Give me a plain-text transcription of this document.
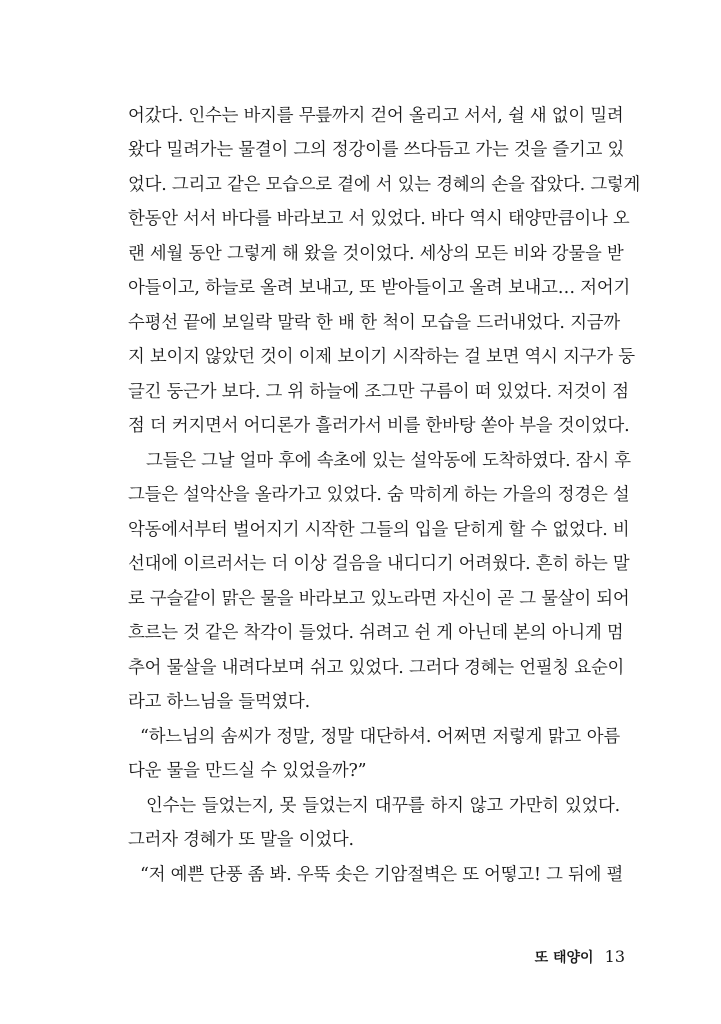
어갔다. 인수는 바지를 무릎까지 걷어 올리고 서서, 쉴 새 없이 밀려
왔다 밀려가는 물결이 그의 정강이를 쓰다듬고 가는 것을 즐기고 있
었다. 그리고 같은 모습으로 곁에 서 있는 경혜의 손을 잡았다. 그렇게
한동안 서서 바다를 바라보고 서 있었다. 바다 역시 태양만큼이나 오
랜 세월 동안 그렇게 해 왔을 것이었다. 세상의 모든 비와 강물을 받
아들이고, 하늘로 올려 보내고, 또 받아들이고 올려 보내고… 저어기
수평선 끝에 보일락 말락 한 배 한 척이 모습을 드러내었다. 지금까
지 보이지 않았던 것이 이제 보이기 시작하는 걸 보면 역시 지구가 둥
글긴 둥근가 보다. 그 위 하늘에 조그만 구름이 떠 있었다. 저것이 점
점 더 커지면서 어디론가 흘러가서 비를 한바탕 쏟아 부을 것이었다.
그들은 그날 얼마 후에 속초에 있는 설악동에 도착하였다. 잠시 후
그들은 설악산을 올라가고 있었다. 숨 막히게 하는 가을의 정경은 설
악동에서부터 벌어지기 시작한 그들의 입을 닫히게 할 수 없었다. 비
선대에 이르러서는 더 이상 걸음을 내디디기 어려웠다. 흔히 하는 말
로 구슬같이 맑은 물을 바라보고 있노라면 자신이 곧 그 물살이 되어
흐르는 것 같은 착각이 들었다. 쉬려고 쉰 게 아닌데 본의 아니게 멈
추어 물살을 내려다보며 쉬고 있었다. 그러다 경혜는 언필칭 요순이
라고 하느님을 들먹였다.
“하느님의 솜씨가 정말, 정말 대단하셔. 어쩌면 저렇게 맑고 아름
다운 물을 만드실 수 있었을까?”
인수는 들었는지, 못 들었는지 대꾸를 하지 않고 가만히 있었다.
그러자 경혜가 또 말을 이었다.
“저 예쁜 단풍 좀 봐. 우뚝 솟은 기암절벽은 또 어떻고! 그 뒤에 펼
또 태양이 13
